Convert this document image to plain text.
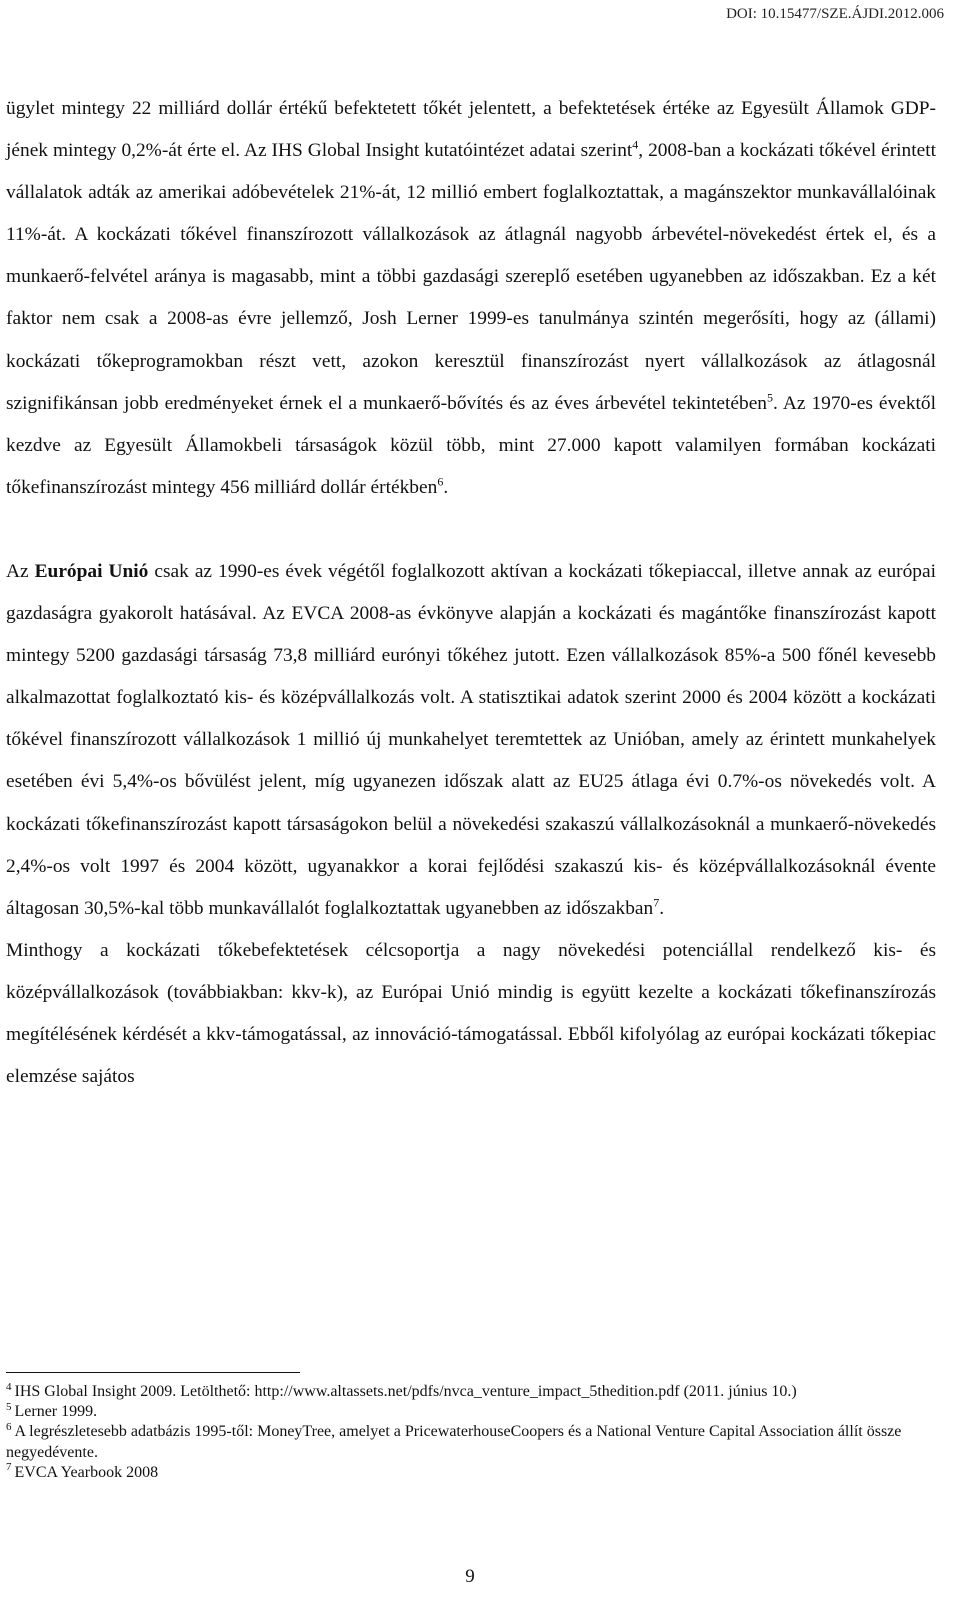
DOI: 10.15477/SZE.ÁJDI.2012.006

ügylet mintegy 22 milliárd dollár értékű befektetett tőkét jelentett, a befektetések értéke az Egyesült Államok GDP-jének mintegy 0,2%-át érte el. Az IHS Global Insight kutatóintézet adatai szerint$^4$, 2008-ban a kockázati tőkével érintett vállalatok adták az amerikai adóbevételek 21%-át, 12 millió embert foglalkoztattak, a magánszektor munkavállalóinak 11%-át. A kockázati tőkével finanszírozott vállalkozások az átlagnál nagyobb árbevétel-növekedést értek el, és a munkaerő-felvétel aránya is magasabb, mint a többi gazdasági szereplő esetében ugyanebben az időszakban. Ez a két faktor nem csak a 2008-as évre jellemző, Josh Lerner 1999-es tanulmánya szintén megerősíti, hogy az (állami) kockázati tőkeprogramokban részt vett, azokon keresztül finanszírozást nyert vállalkozások az átlagosnál szignifikánsan jobb eredményeket érnek el a munkaerő-bővítés és az éves árbevétel tekintetében$^5$. Az 1970-es évektől kezdve az Egyesült Államokbeli társaságok közül több, mint 27.000 kapott valamilyen formában kockázati tőkefinanszírozást mintegy 456 milliárd dollár értékben$^6$.

Az Európai Unió csak az 1990-es évek végétől foglalkozott aktívan a kockázati tőkepiaccal, illetve annak az európai gazdaságra gyakorolt hatásával. Az EVCA 2008-as évkönyve alapján a kockázati és magántőke finanszírozást kapott mintegy 5200 gazdasági társaság 73,8 milliárd eurónyi tőkéhez jutott. Ezen vállalkozások 85%-a 500 főnél kevesebb alkalmazottat foglalkoztató kis- és középvállalkozás volt. A statisztikai adatok szerint 2000 és 2004 között a kockázati tőkével finanszírozott vállalkozások 1 millió új munkahelyet teremtettek az Unióban, amely az érintett munkahelyek esetében évi 5,4%-os bővülést jelent, míg ugyanezen időszak alatt az EU25 átlaga évi 0.7%-os növekedés volt. A kockázati tőkefinanszírozást kapott társaságokon belül a növekedési szakaszú vállalkozásoknál a munkaerő-növekedés 2,4%-os volt 1997 és 2004 között, ugyanakkor a korai fejlődési szakaszú kis- és középvállalkozásoknál évente áltagosan 30,5%-kal több munkavállalót foglalkoztattak ugyanebben az időszakban$^7$.

Minthogy a kockázati tőkebefektetések célcsoportja a nagy növekedési potenciállal rendelkező kis- és középvállalkozások (továbbiakban: kkv-k), az Európai Unió mindig is együtt kezelte a kockázati tőkefinanszírozás megítélésének kérdését a kkv-támogatással, az innováció-támogatással. Ebből kifolyólag az európai kockázati tőkepiac elemzése sajátos

$^4$ IHS Global Insight 2009. Letölthető: http://www.altassets.net/pdfs/nvca_venture_impact_5thedition.pdf (2011. június 10.)

$^5$ Lerner 1999.

$^6$ A legrészletesebb adatbázis 1995-től: MoneyTree, amelyet a PricewaterhouseCoopers és a National Venture Capital Association állít össze negyedévente.

$^7$ EVCA Yearbook 2008

9
